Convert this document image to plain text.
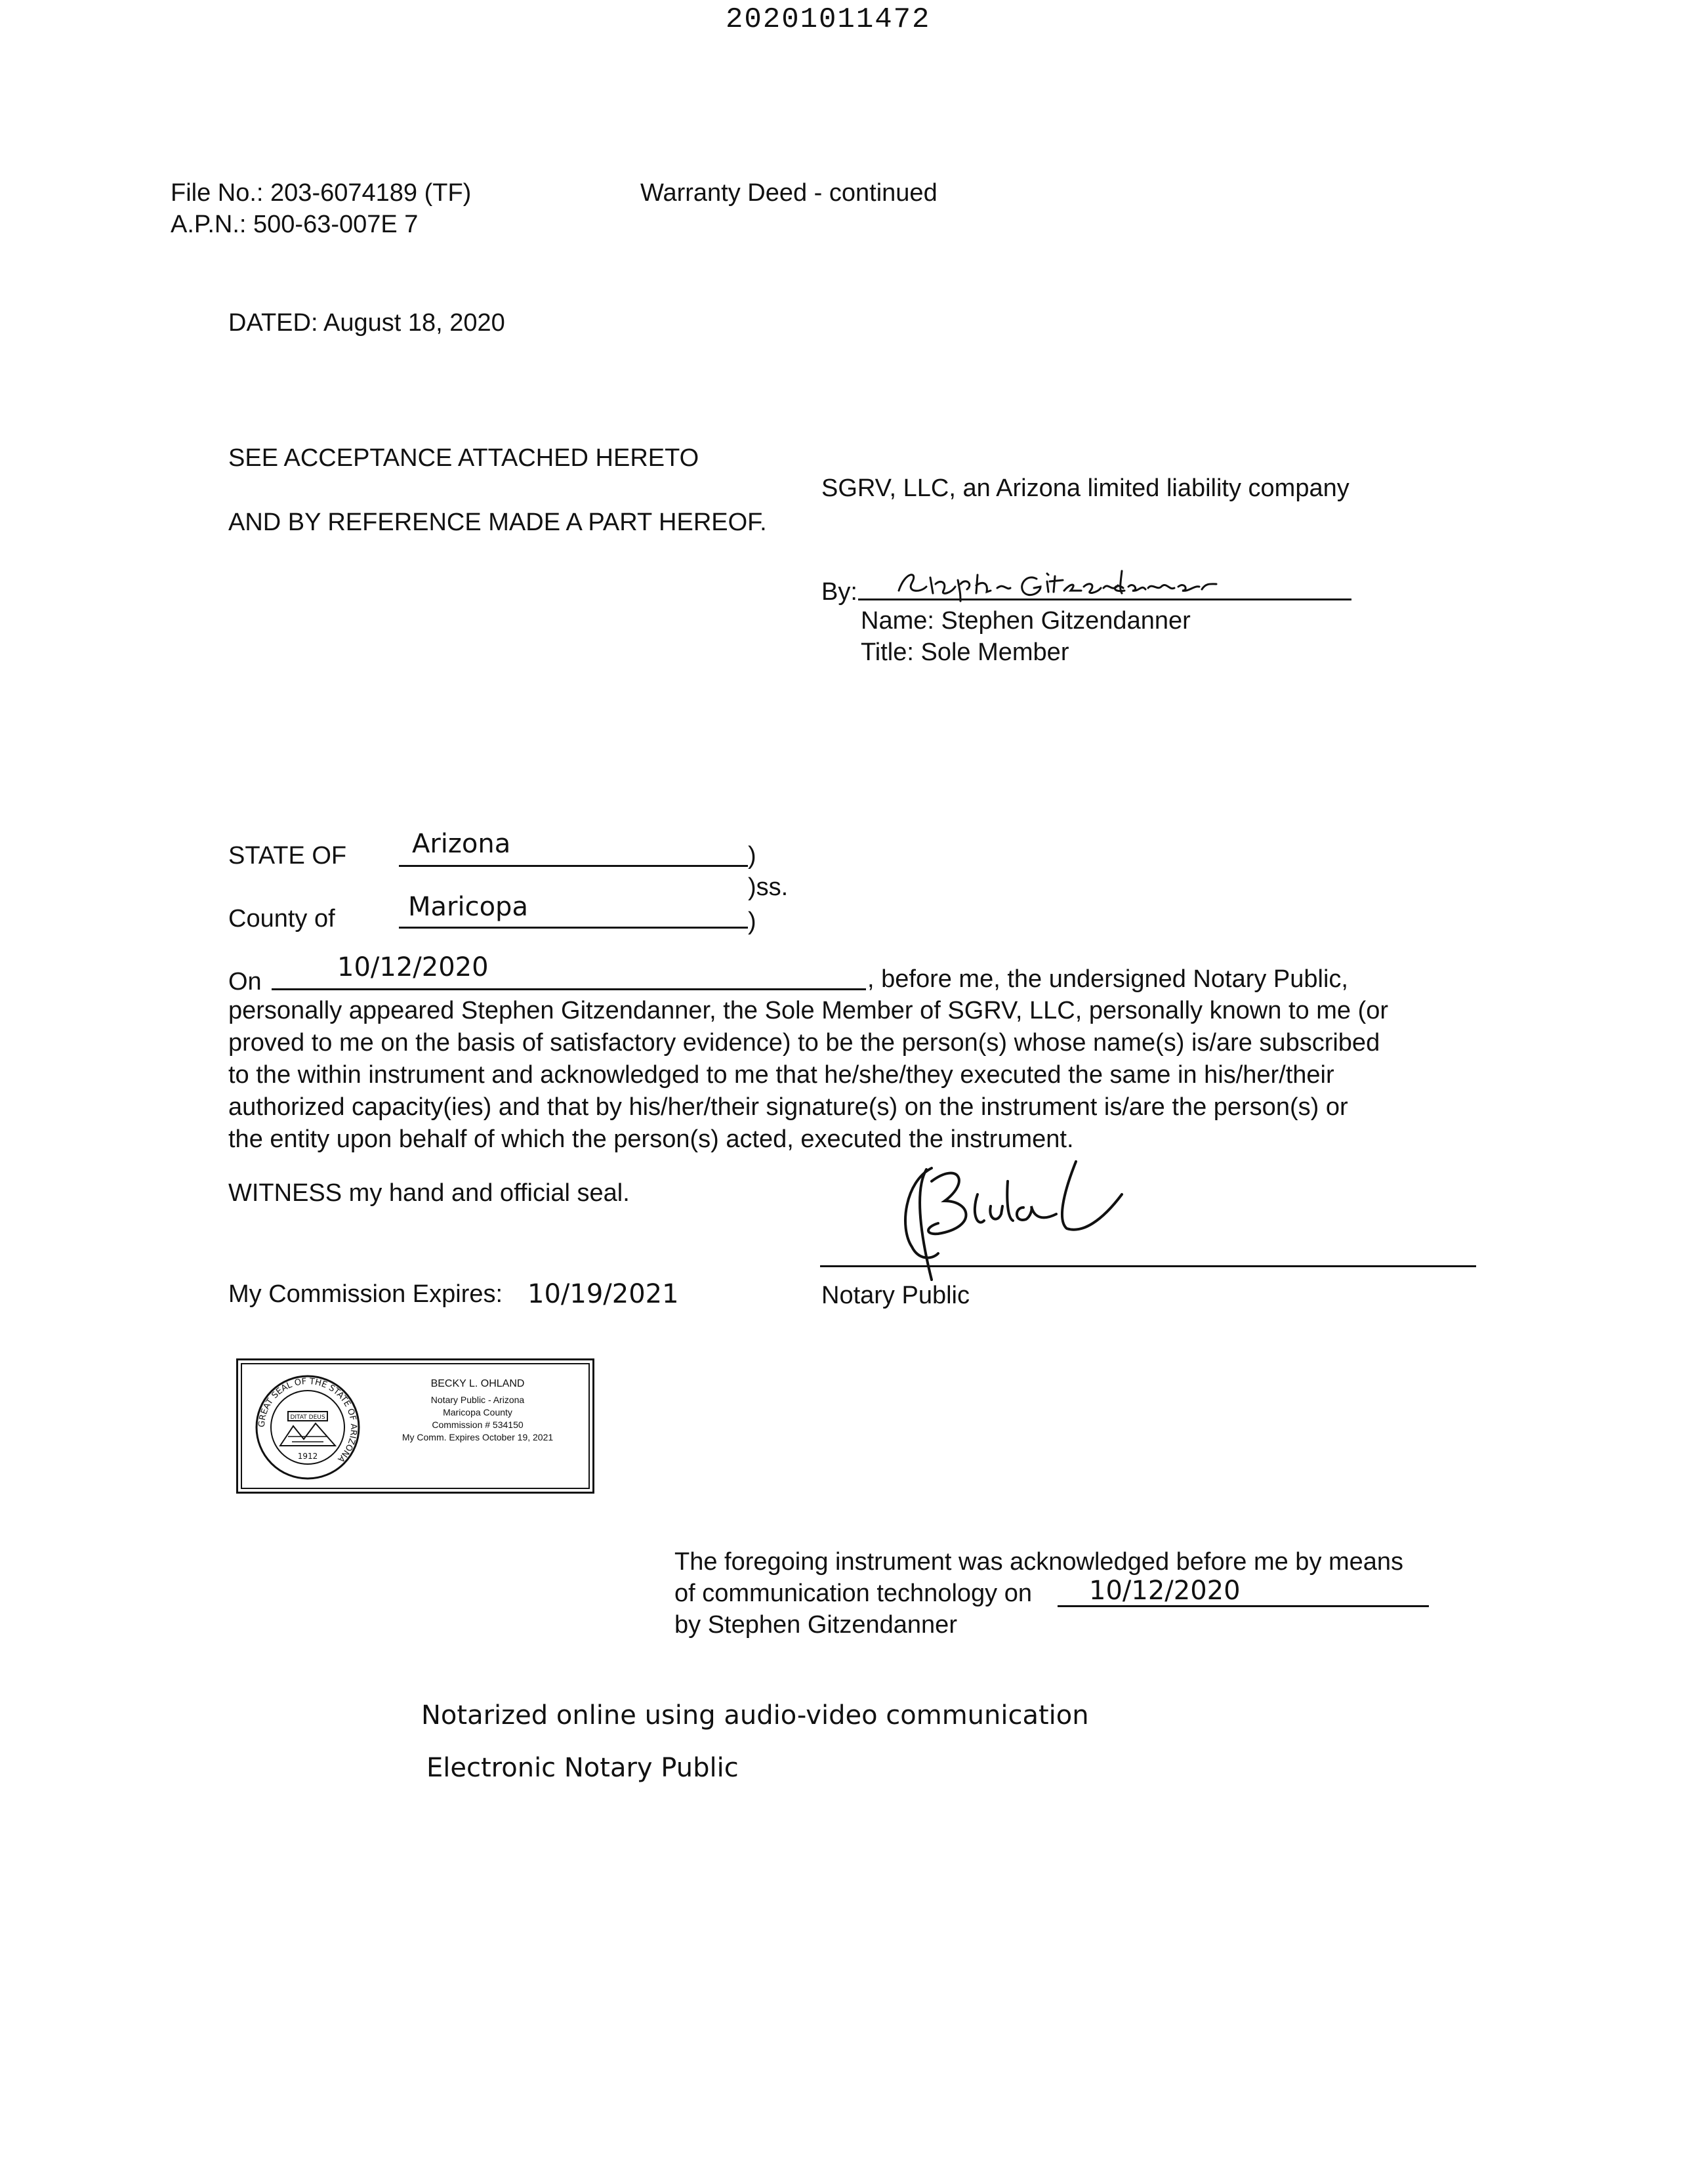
20201011472
File No.: 203-6074189 (TF)
A.P.N.: 500-63-007E 7
Warranty Deed - continued
DATED: August 18, 2020
SEE ACCEPTANCE ATTACHED HERETO
AND BY REFERENCE MADE A PART HEREOF.
SGRV, LLC, an Arizona limited liability company
By:
Name: Stephen Gitzendanner
Title: Sole Member
STATE OF Arizona	)
)ss.
County of	Maricopa	)
On	10/12/2020	, before me, the undersigned Notary Public,
personally appeared Stephen Gitzendanner, the Sole Member of SGRV, LLC, personally known to me (or
proved to me on the basis of satisfactory evidence) to be the person(s) whose name(s) is/are subscribed
to the within instrument and acknowledged to me that he/she/they executed the same in his/her/their
authorized capacity(ies) and that by his/her/their signature(s) on the instrument is/are the person(s) or
the entity upon behalf of which the person(s) acted, executed the instrument.
WITNESS my hand and official seal.
Notary Public
My Commission Expires: 10/19/2021
GREAT SEAL OF THE STATE OF ARIZONA
DITAT DEUS
1912
BECKY L. OHLAND
Notary Public - Arizona
Maricopa County
Commission # 534150
My Comm. Expires October 19, 2021
The foregoing instrument was acknowledged before me by means
of communication technology on 10/12/2020
by Stephen Gitzendanner
Notarized online using audio-video communication
Electronic Notary Public
